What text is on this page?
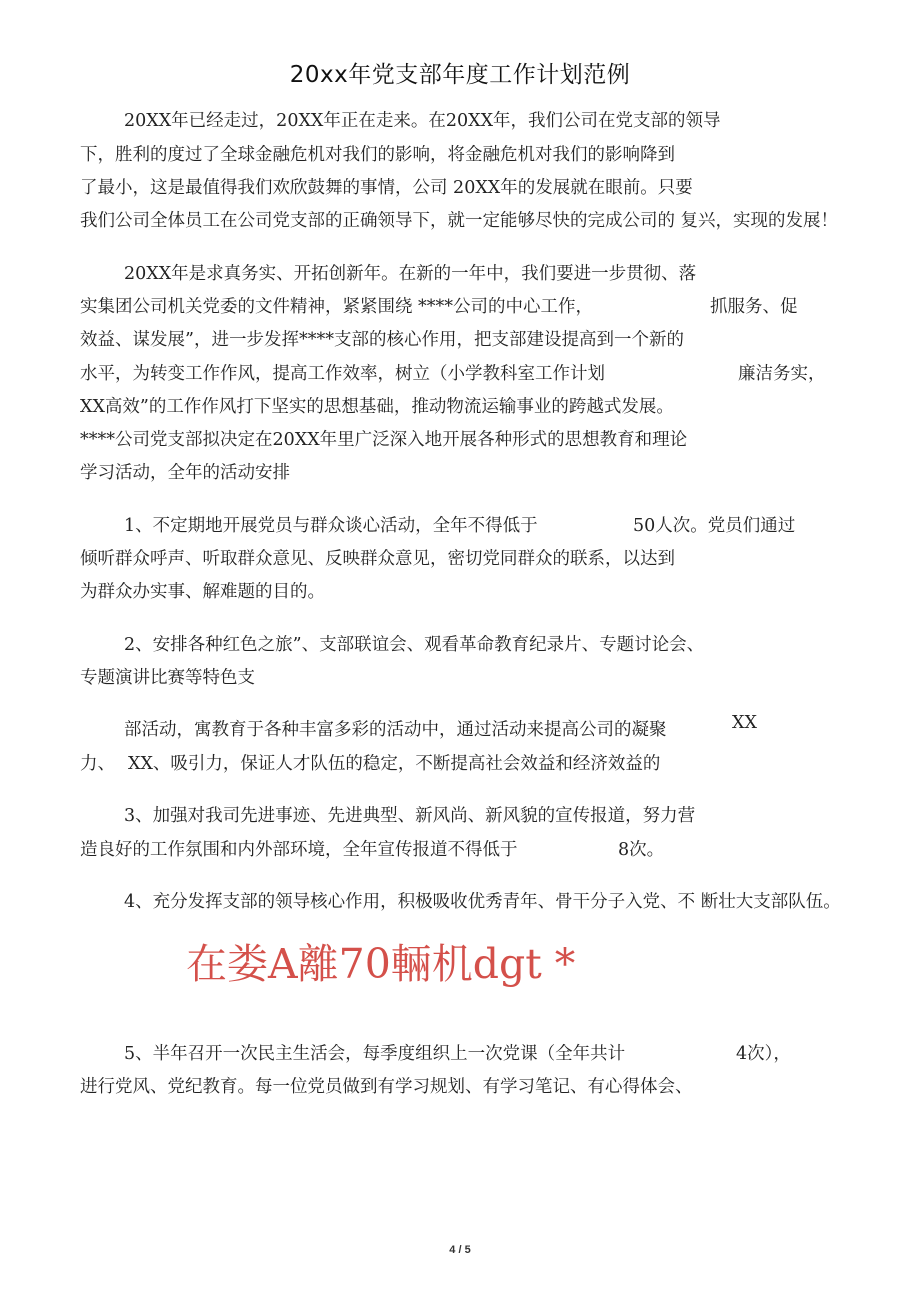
20xx年党支部年度工作计划范例
20XX年已经走过，20XX年正在走来。在20XX年，我们公司在党支部的领导
下，胜利的度过了全球金融危机对我们的影响，将金融危机对我们的影响降到
了最小，这是最值得我们欢欣鼓舞的事情，公司 20XX年的发展就在眼前。只要
我们公司全体员工在公司党支部的正确领导下，就一定能够尽快的完成公司的 复兴，实现的发展！
20XX年是求真务实、开拓创新年。在新的一年中，我们要进一步贯彻、落
实集团公司机关党委的文件精神，紧紧围绕 ****公司的中心工作，	抓服务、促
效益、谋发展”，进一步发挥****支部的核心作用，把支部建设提高到一个新的
水平，为转变工作作风，提高工作效率，树立（小学教科室工作计划	廉洁务实，
XX高效”的工作作风打下坚实的思想基础，推动物流运输事业的跨越式发展。
****公司党支部拟决定在20XX年里广泛深入地开展各种形式的思想教育和理论
学习活动，全年的活动安排
1、不定期地开展党员与群众谈心活动，全年不得低于	50人次。党员们通过
倾听群众呼声、听取群众意见、反映群众意见，密切党同群众的联系，以达到
为群众办实事、解难题的目的。
2、安排各种红色之旅”、支部联谊会、观看革命教育纪录片、专题讨论会、
专题演讲比赛等特色支
部活动，寓教育于各种丰富多彩的活动中，通过活动来提高公司的凝聚	XX
力、 XX、吸引力，保证人才队伍的稳定，不断提高社会效益和经济效益的
3、加强对我司先进事迹、先进典型、新风尚、新风貌的宣传报道，努力营
造良好的工作氛围和内外部环境，全年宣传报道不得低于	8次。
4、充分发挥支部的领导核心作用，积极吸收优秀青年、骨干分子入党、不 断壮大支部队伍。
在娄A離70輛机dgt *
5、半年召开一次民主生活会，每季度组织上一次党课（全年共计	4次），
进行党风、党纪教育。每一位党员做到有学习规划、有学习笔记、有心得体会、
4 / 5
